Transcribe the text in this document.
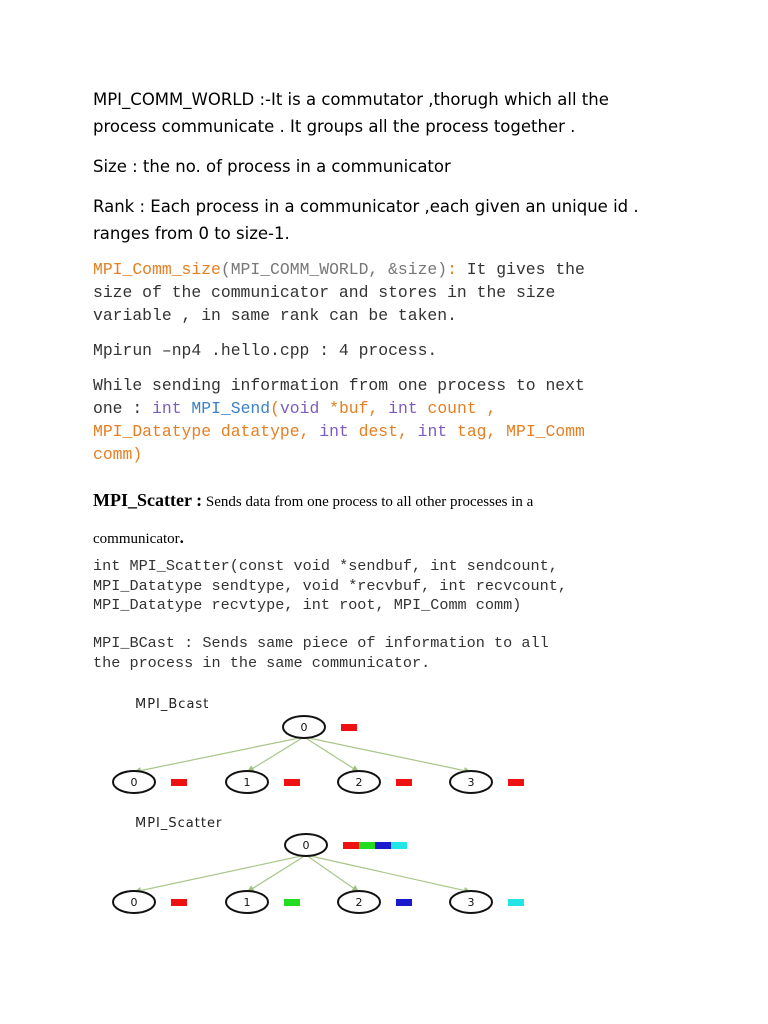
MPI_COMM_WORLD :-It is a commutator ,thorugh which all the
process communicate . It groups all the process together .

Size : the no. of process in a communicator

Rank : Each process in a communicator ,each given an unique id .
ranges from 0 to size-1.

MPI_Comm_size(MPI_COMM_WORLD, &size): It gives the
size of the communicator and stores in the size
variable , in same rank can be taken.
Mpirun –np4 .hello.cpp : 4 process.
While sending information from one process to next
one : int MPI_Send(void *buf, int count ,
MPI_Datatype datatype, int dest, int tag, MPI_Comm
comm)
MPI_Scatter : Sends data from one process to all other processes in a
communicator.
int MPI_Scatter(const void *sendbuf, int sendcount,
MPI_Datatype sendtype, void *recvbuf, int recvcount,
MPI_Datatype recvtype, int root, MPI_Comm comm)
MPI_BCast : Sends same piece of information to all
the process in the same communicator.
MPI_Bcast
0
0	1	2	3
MPI_Scatter
0
0	1	2	3
